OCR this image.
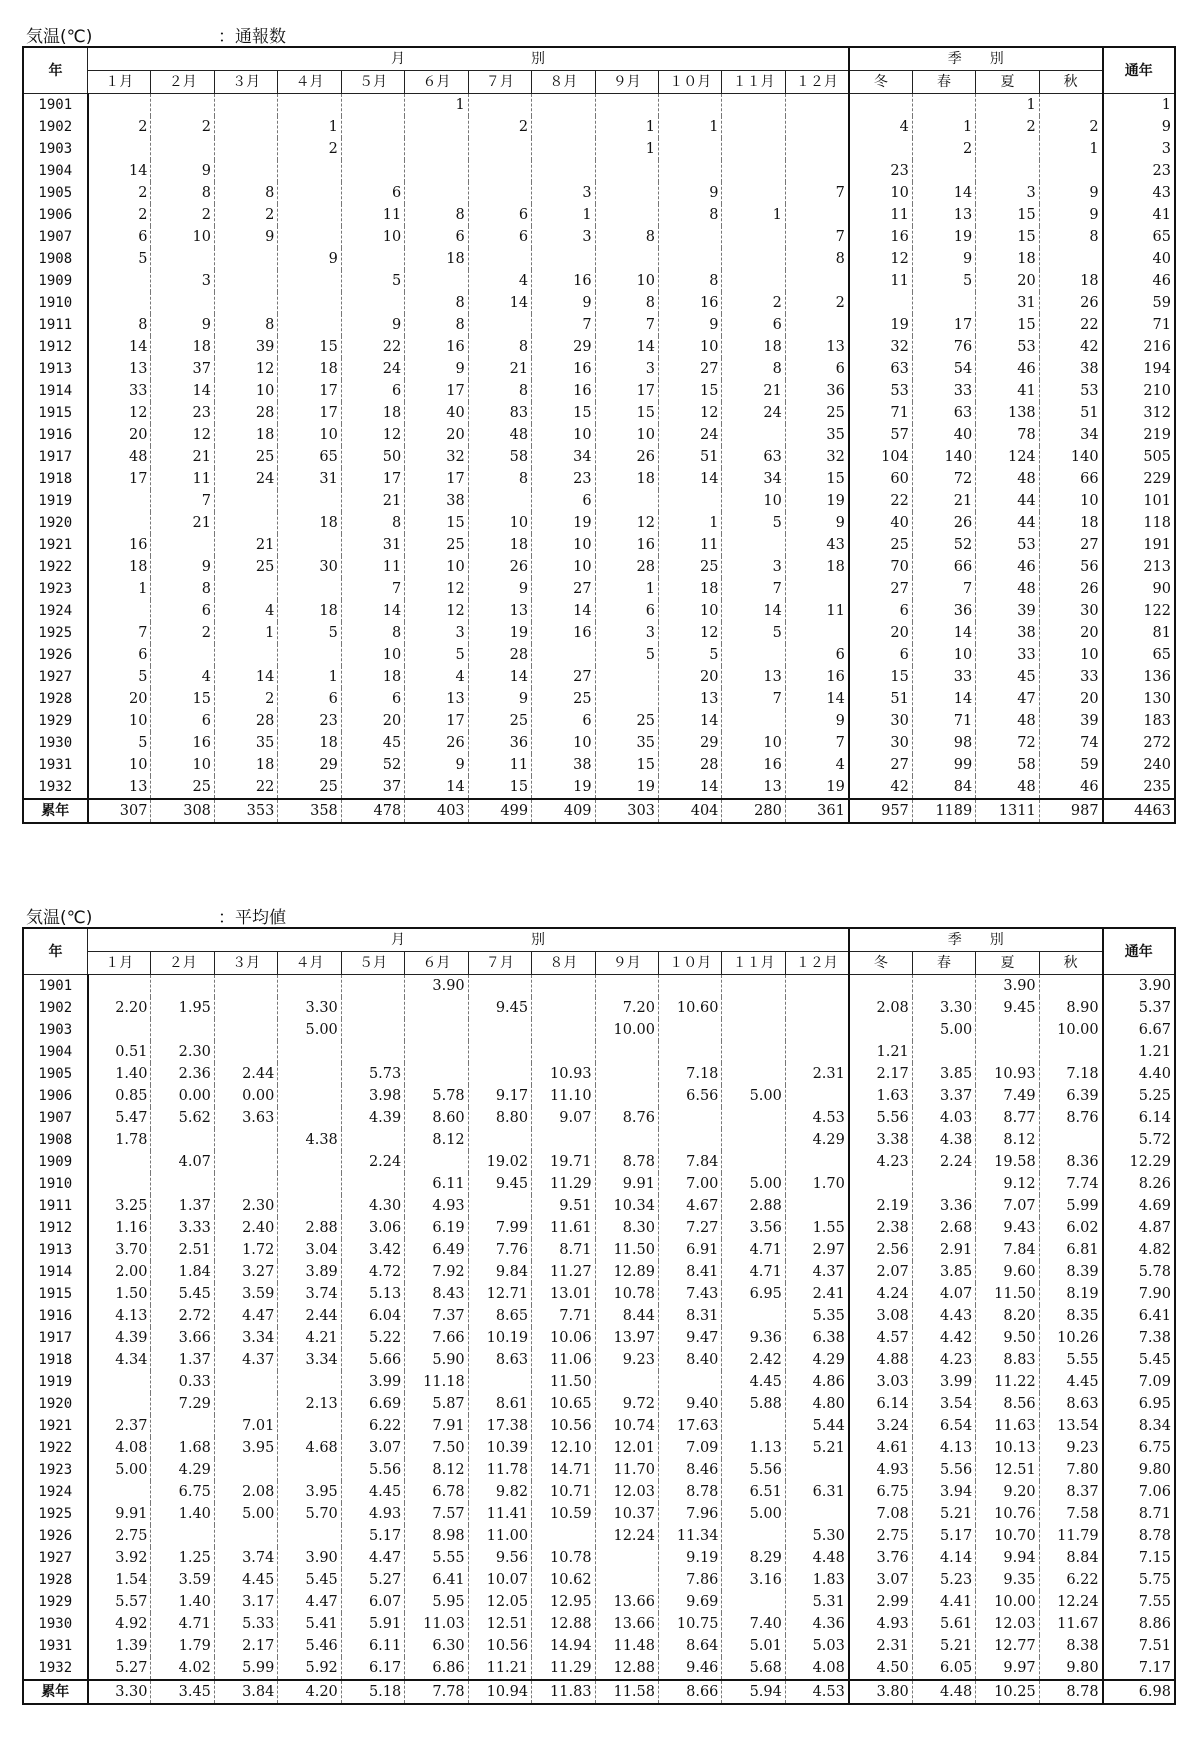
気温(℃)	：通報数
年	月　　　　　　　　　別												季　　別				通年
	１月	２月	３月	４月	５月	６月	７月	８月	９月	１０月	１１月	１２月	冬	春	夏	秋	
1901						1									1		1
1902	2	2		1			2		1	1			4	1	2	2	9
1903				2					1					2		1	3
1904	14	9											23				23
1905	2	8	8		6			3		9		7	10	14	3	9	43
1906	2	2	2		11	8	6	1		8	1		11	13	15	9	41
1907	6	10	9		10	6	6	3	8			7	16	19	15	8	65
1908	5			9		18						8	12	9	18		40
1909		3			5		4	16	10	8			11	5	20	18	46
1910						8	14	9	8	16	2	2			31	26	59
1911	8	9	8		9	8		7	7	9	6		19	17	15	22	71
1912	14	18	39	15	22	16	8	29	14	10	18	13	32	76	53	42	216
1913	13	37	12	18	24	9	21	16	3	27	8	6	63	54	46	38	194
1914	33	14	10	17	6	17	8	16	17	15	21	36	53	33	41	53	210
1915	12	23	28	17	18	40	83	15	15	12	24	25	71	63	138	51	312
1916	20	12	18	10	12	20	48	10	10	24		35	57	40	78	34	219
1917	48	21	25	65	50	32	58	34	26	51	63	32	104	140	124	140	505
1918	17	11	24	31	17	17	8	23	18	14	34	15	60	72	48	66	229
1919		7			21	38		6			10	19	22	21	44	10	101
1920		21		18	8	15	10	19	12	1	5	9	40	26	44	18	118
1921	16		21		31	25	18	10	16	11		43	25	52	53	27	191
1922	18	9	25	30	11	10	26	10	28	25	3	18	70	66	46	56	213
1923	1	8			7	12	9	27	1	18	7		27	7	48	26	90
1924		6	4	18	14	12	13	14	6	10	14	11	6	36	39	30	122
1925	7	2	1	5	8	3	19	16	3	12	5		20	14	38	20	81
1926	6				10	5	28		5	5		6	6	10	33	10	65
1927	5	4	14	1	18	4	14	27		20	13	16	15	33	45	33	136
1928	20	15	2	6	6	13	9	25		13	7	14	51	14	47	20	130
1929	10	6	28	23	20	17	25	6	25	14		9	30	71	48	39	183
1930	5	16	35	18	45	26	36	10	35	29	10	7	30	98	72	74	272
1931	10	10	18	29	52	9	11	38	15	28	16	4	27	99	58	59	240
1932	13	25	22	25	37	14	15	19	19	14	13	19	42	84	48	46	235
累年	307	308	353	358	478	403	499	409	303	404	280	361	957	1189	1311	987	4463
気温(℃)	：平均値
年	月　　　　　　　　　別												季　　別				通年
	１月	２月	３月	４月	５月	６月	７月	８月	９月	１０月	１１月	１２月	冬	春	夏	秋	
1901						3.90									3.90		3.90
1902	2.20	1.95		3.30			9.45		7.20	10.60			2.08	3.30	9.45	8.90	5.37
1903				5.00					10.00					5.00		10.00	6.67
1904	0.51	2.30											1.21				1.21
1905	1.40	2.36	2.44		5.73			10.93		7.18		2.31	2.17	3.85	10.93	7.18	4.40
1906	0.85	0.00	0.00		3.98	5.78	9.17	11.10		6.56	5.00		1.63	3.37	7.49	6.39	5.25
1907	5.47	5.62	3.63		4.39	8.60	8.80	9.07	8.76			4.53	5.56	4.03	8.77	8.76	6.14
1908	1.78			4.38		8.12						4.29	3.38	4.38	8.12		5.72
1909		4.07			2.24		19.02	19.71	8.78	7.84			4.23	2.24	19.58	8.36	12.29
1910						6.11	9.45	11.29	9.91	7.00	5.00	1.70			9.12	7.74	8.26
1911	3.25	1.37	2.30		4.30	4.93		9.51	10.34	4.67	2.88		2.19	3.36	7.07	5.99	4.69
1912	1.16	3.33	2.40	2.88	3.06	6.19	7.99	11.61	8.30	7.27	3.56	1.55	2.38	2.68	9.43	6.02	4.87
1913	3.70	2.51	1.72	3.04	3.42	6.49	7.76	8.71	11.50	6.91	4.71	2.97	2.56	2.91	7.84	6.81	4.82
1914	2.00	1.84	3.27	3.89	4.72	7.92	9.84	11.27	12.89	8.41	4.71	4.37	2.07	3.85	9.60	8.39	5.78
1915	1.50	5.45	3.59	3.74	5.13	8.43	12.71	13.01	10.78	7.43	6.95	2.41	4.24	4.07	11.50	8.19	7.90
1916	4.13	2.72	4.47	2.44	6.04	7.37	8.65	7.71	8.44	8.31		5.35	3.08	4.43	8.20	8.35	6.41
1917	4.39	3.66	3.34	4.21	5.22	7.66	10.19	10.06	13.97	9.47	9.36	6.38	4.57	4.42	9.50	10.26	7.38
1918	4.34	1.37	4.37	3.34	5.66	5.90	8.63	11.06	9.23	8.40	2.42	4.29	4.88	4.23	8.83	5.55	5.45
1919		0.33			3.99	11.18		11.50			4.45	4.86	3.03	3.99	11.22	4.45	7.09
1920		7.29		2.13	6.69	5.87	8.61	10.65	9.72	9.40	5.88	4.80	6.14	3.54	8.56	8.63	6.95
1921	2.37		7.01		6.22	7.91	17.38	10.56	10.74	17.63		5.44	3.24	6.54	11.63	13.54	8.34
1922	4.08	1.68	3.95	4.68	3.07	7.50	10.39	12.10	12.01	7.09	1.13	5.21	4.61	4.13	10.13	9.23	6.75
1923	5.00	4.29			5.56	8.12	11.78	14.71	11.70	8.46	5.56		4.93	5.56	12.51	7.80	9.80
1924		6.75	2.08	3.95	4.45	6.78	9.82	10.71	12.03	8.78	6.51	6.31	6.75	3.94	9.20	8.37	7.06
1925	9.91	1.40	5.00	5.70	4.93	7.57	11.41	10.59	10.37	7.96	5.00		7.08	5.21	10.76	7.58	8.71
1926	2.75				5.17	8.98	11.00		12.24	11.34		5.30	2.75	5.17	10.70	11.79	8.78
1927	3.92	1.25	3.74	3.90	4.47	5.55	9.56	10.78		9.19	8.29	4.48	3.76	4.14	9.94	8.84	7.15
1928	1.54	3.59	4.45	5.45	5.27	6.41	10.07	10.62		7.86	3.16	1.83	3.07	5.23	9.35	6.22	5.75
1929	5.57	1.40	3.17	4.47	6.07	5.95	12.05	12.95	13.66	9.69		5.31	2.99	4.41	10.00	12.24	7.55
1930	4.92	4.71	5.33	5.41	5.91	11.03	12.51	12.88	13.66	10.75	7.40	4.36	4.93	5.61	12.03	11.67	8.86
1931	1.39	1.79	2.17	5.46	6.11	6.30	10.56	14.94	11.48	8.64	5.01	5.03	2.31	5.21	12.77	8.38	7.51
1932	5.27	4.02	5.99	5.92	6.17	6.86	11.21	11.29	12.88	9.46	5.68	4.08	4.50	6.05	9.97	9.80	7.17
累年	3.30	3.45	3.84	4.20	5.18	7.78	10.94	11.83	11.58	8.66	5.94	4.53	3.80	4.48	10.25	8.78	6.98
